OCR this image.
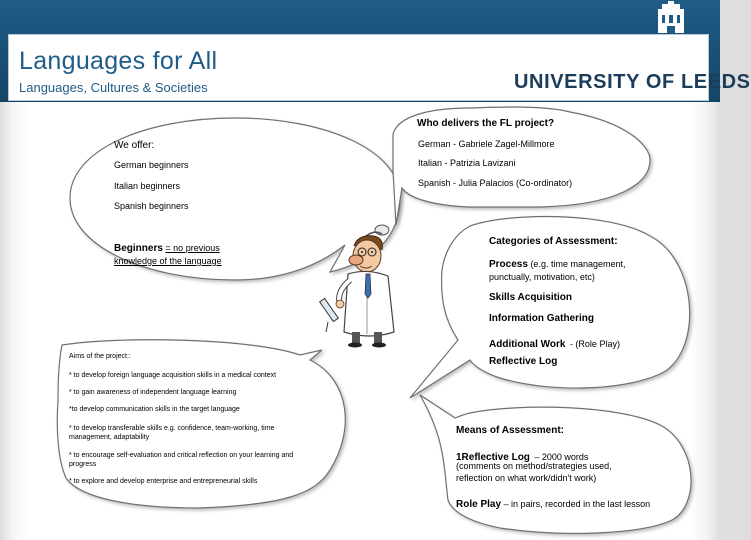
Languages for All
Languages, Cultures & Societies	UNIVERSITY OF LEEDS
We offer:
German beginners
Italian beginners
Spanish beginners
Beginners = no previous knowledge of the language
Who delivers the FL project?
German - Gabriele Zagel-Millmore
Italian - Patrizia Lavizani
Spanish - Julia Palacios (Co-ordinator)
Categories of Assessment:
Process (e.g. time management, punctually, motivation, etc)
Skills Acquisition
Information Gathering
Additional Work - (Role Play)
Reflective Log
Aims of the project::
* to develop foreign language acquisition skills in a medical context
* to gain awareness of independent language learning
*to develop communication skills in the target language
* to develop transferable skills e.g. confidence, team-working, time management, adaptability
* to encourage self-evaluation and critical reflection on your learning and progress
* to explore and develop enterprise and entrepreneurial skills
Means of Assessment:
1Reflective Log – 2000 words
(comments on method/strategies used, reflection on what work/didn't work)
Role Play – in pairs, recorded in the last lesson
